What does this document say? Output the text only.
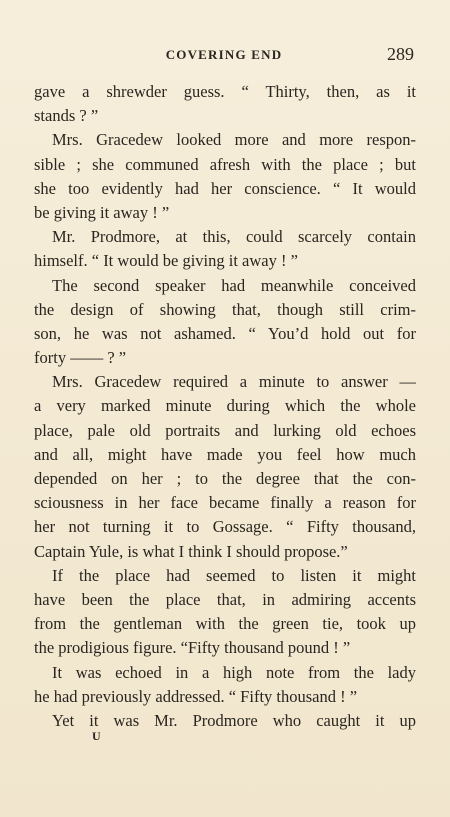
COVERING END	289
gave a shrewder guess. “ Thirty, then, as it
stands ? ”
Mrs. Gracedew looked more and more respon-
sible ; she communed afresh with the place ; but
she too evidently had her conscience. “ It would
be giving it away ! ”
Mr. Prodmore, at this, could scarcely contain
himself. “ It would be giving it away ! ”
The second speaker had meanwhile conceived
the design of showing that, though still crim-
son, he was not ashamed. “ You’d hold out for
forty —— ? ”
Mrs. Gracedew required a minute to answer —
a very marked minute during which the whole
place, pale old portraits and lurking old echoes
and all, might have made you feel how much
depended on her ; to the degree that the con-
sciousness in her face became finally a reason for
her not turning it to Gossage. “ Fifty thousand,
Captain Yule, is what I think I should propose.”
If the place had seemed to listen it might
have been the place that, in admiring accents
from the gentleman with the green tie, took up
the prodigious figure. “Fifty thousand pound ! ”
It was echoed in a high note from the lady
he had previously addressed. “ Fifty thousand ! ”
Yet it was Mr. Prodmore who caught it up
U
